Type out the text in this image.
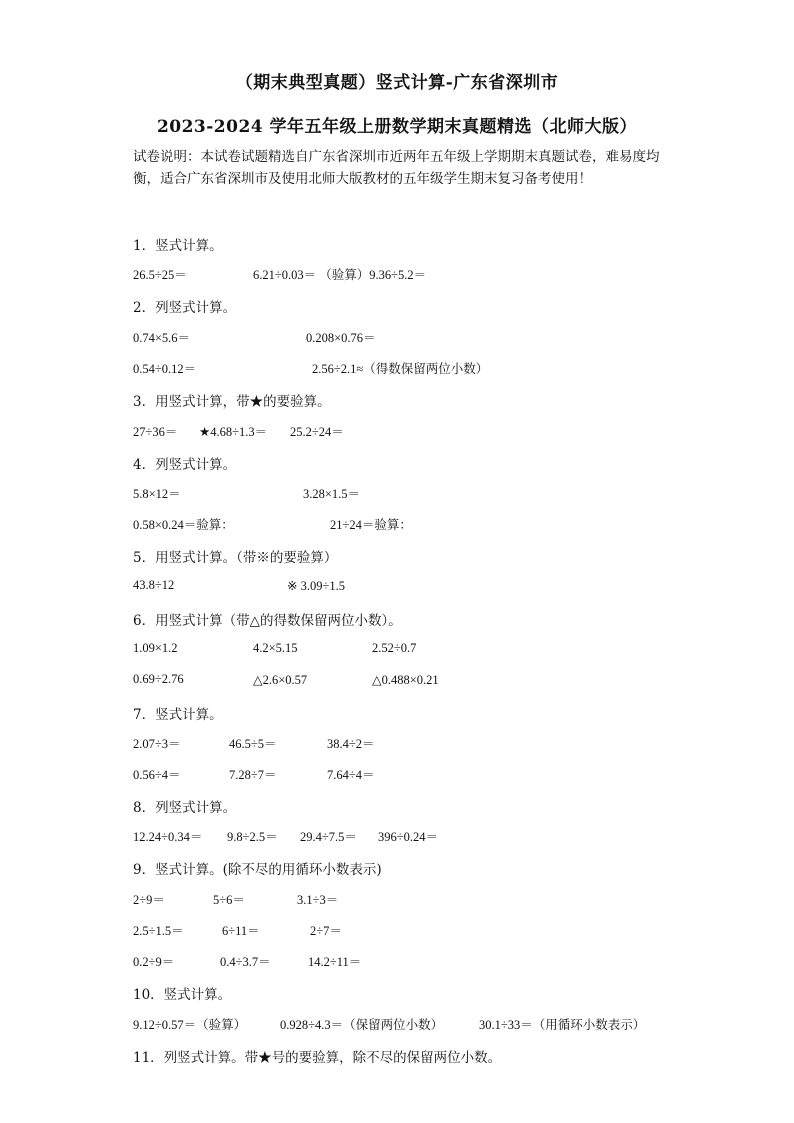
（期末典型真题）竖式计算-广东省深圳市
2023-2024 学年五年级上册数学期末真题精选（北师大版）
试卷说明：本试卷试题精选自广东省深圳市近两年五年级上学期期末真题试卷，难易度均衡，适合广东省深圳市及使用北师大版教材的五年级学生期末复习备考使用！
1．竖式计算。
26.5÷25＝	6.21÷0.03＝ （验算）9.36÷5.2＝
2．列竖式计算。
0.74×5.6＝	0.208×0.76＝
0.54÷0.12＝	2.56÷2.1≈（得数保留两位小数）
3．用竖式计算，带★的要验算。
27÷36＝ ★4.68÷1.3＝ 25.2÷24＝
4．列竖式计算。
5.8×12＝	3.28×1.5＝
0.58×0.24＝验算：	21÷24＝验算：
5．用竖式计算。（带※的要验算）
43.8÷12	※ 3.09÷1.5
6．用竖式计算（带△的得数保留两位小数）。
1.09×1.2	4.2×5.15	2.52÷0.7
0.69÷2.76	△2.6×0.57	△0.488×0.21
7．竖式计算。
2.07÷3＝	46.5÷5＝	38.4÷2＝
0.56÷4＝	7.28÷7＝	7.64÷4＝
8．列竖式计算。
12.24÷0.34＝ 9.8÷2.5＝ 29.4÷7.5＝ 396÷0.24＝
9．竖式计算。(除不尽的用循环小数表示)
2÷9＝	5÷6＝	3.1÷3＝
2.5÷1.5＝	6÷11＝	2÷7＝
0.2÷9＝	0.4÷3.7＝	14.2÷11＝
10．竖式计算。
9.12÷0.57＝（验算）	0.928÷4.3＝（保留两位小数）	30.1÷33＝（用循环小数表示）
11．列竖式计算。带★号的要验算，除不尽的保留两位小数。
